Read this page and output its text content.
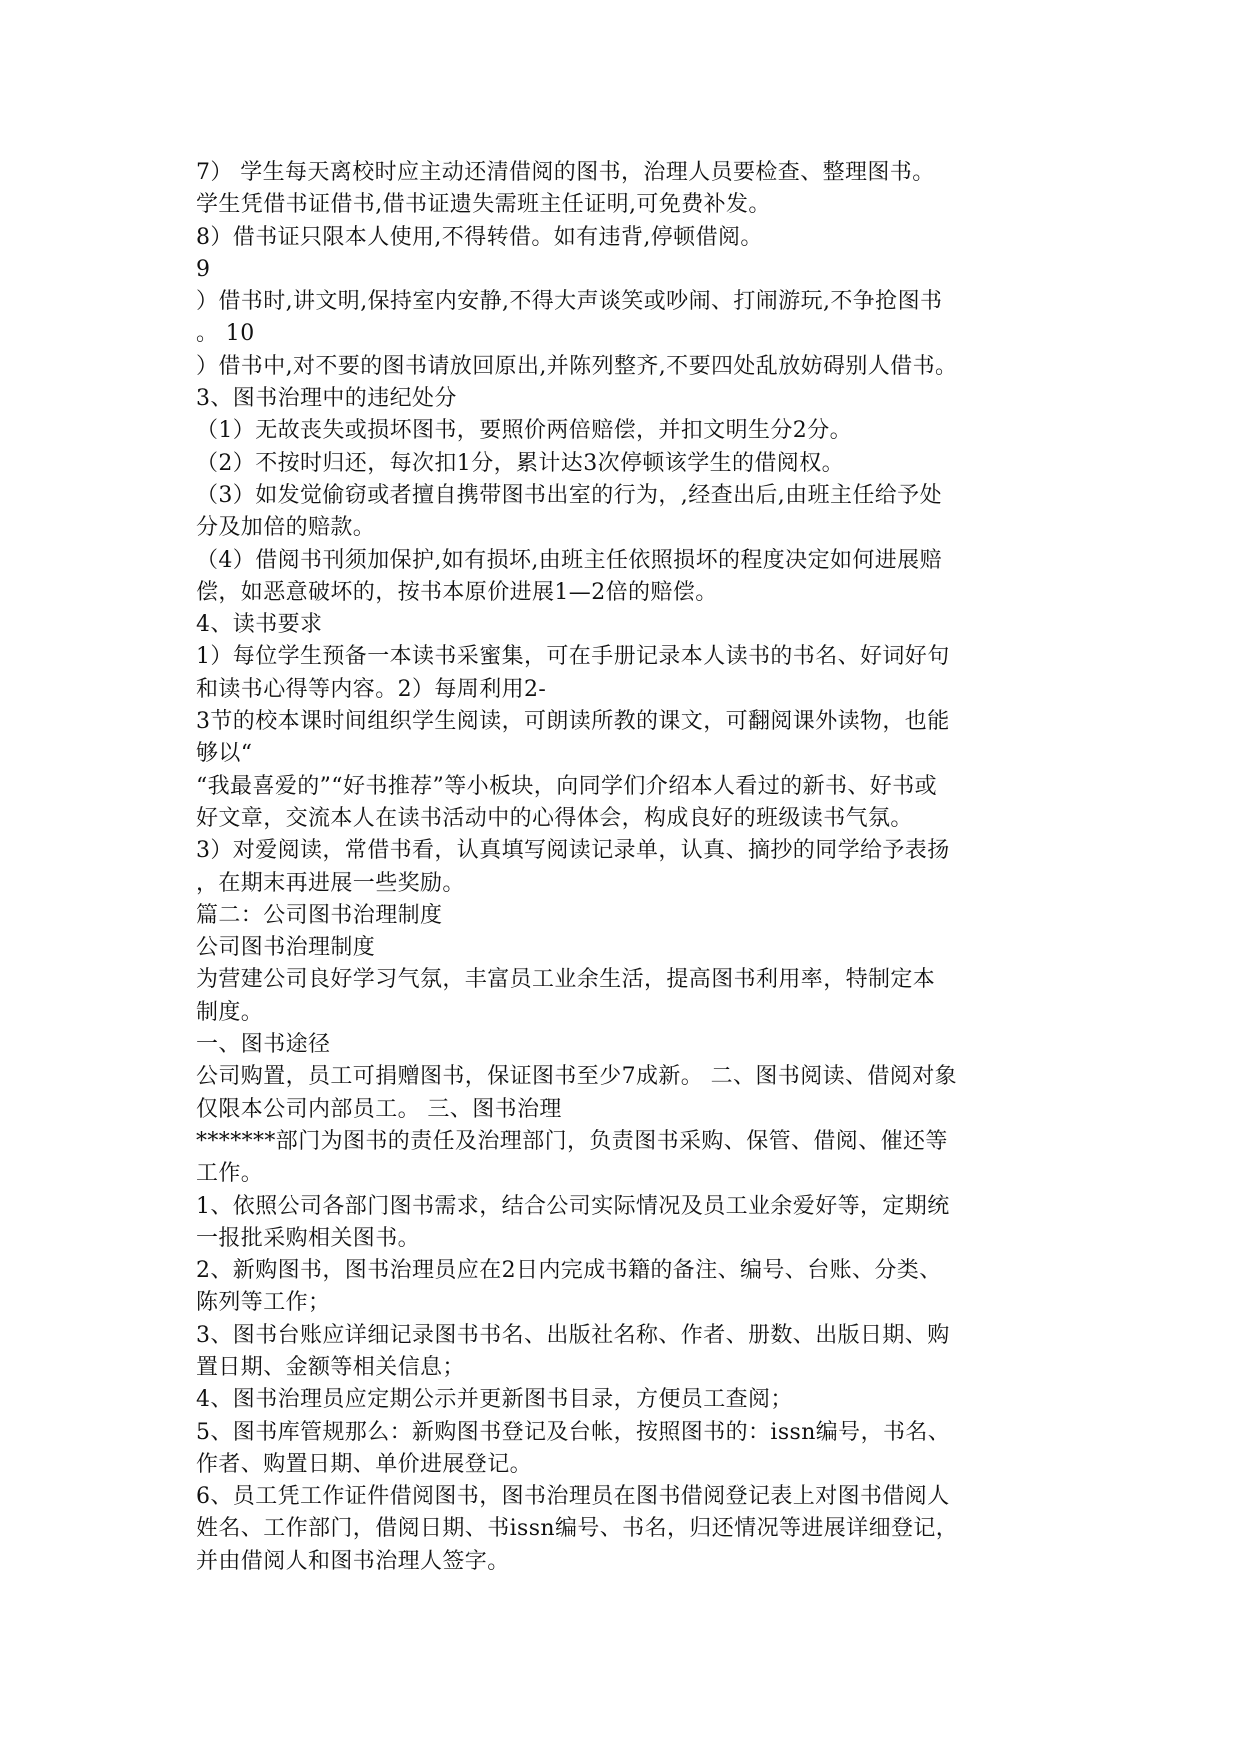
7） 学生每天离校时应主动还清借阅的图书，治理人员要检查、整理图书。
学生凭借书证借书,借书证遗失需班主任证明,可免费补发。
8）借书证只限本人使用,不得转借。如有违背,停顿借阅。
9
）借书时,讲文明,保持室内安静,不得大声谈笑或吵闹、打闹游玩,不争抢图书
。 10
）借书中,对不要的图书请放回原出,并陈列整齐,不要四处乱放妨碍别人借书。
3、图书治理中的违纪处分
（1）无故丧失或损坏图书，要照价两倍赔偿，并扣文明生分2分。
（2）不按时归还，每次扣1分，累计达3次停顿该学生的借阅权。
（3）如发觉偷窃或者擅自携带图书出室的行为，,经查出后,由班主任给予处
分及加倍的赔款。
（4）借阅书刊须加保护,如有损坏,由班主任依照损坏的程度决定如何进展赔
偿，如恶意破坏的，按书本原价进展1—2倍的赔偿。
4、读书要求
1）每位学生预备一本读书采蜜集，可在手册记录本人读书的书名、好词好句
和读书心得等内容。2）每周利用2-
3节的校本课时间组织学生阅读，可朗读所教的课文，可翻阅课外读物，也能
够以“
“我最喜爱的”“好书推荐”等小板块，向同学们介绍本人看过的新书、好书或
好文章，交流本人在读书活动中的心得体会，构成良好的班级读书气氛。
3）对爱阅读，常借书看，认真填写阅读记录单，认真、摘抄的同学给予表扬
，在期末再进展一些奖励。
篇二：公司图书治理制度
公司图书治理制度
为营建公司良好学习气氛，丰富员工业余生活，提高图书利用率，特制定本
制度。
一、图书途径
公司购置，员工可捐赠图书，保证图书至少7成新。 二、图书阅读、借阅对象
仅限本公司内部员工。 三、图书治理
*******部门为图书的责任及治理部门，负责图书采购、保管、借阅、催还等
工作。
1、依照公司各部门图书需求，结合公司实际情况及员工业余爱好等，定期统
一报批采购相关图书。
2、新购图书，图书治理员应在2日内完成书籍的备注、编号、台账、分类、
陈列等工作；
3、图书台账应详细记录图书书名、出版社名称、作者、册数、出版日期、购
置日期、金额等相关信息；
4、图书治理员应定期公示并更新图书目录，方便员工查阅；
5、图书库管规那么：新购图书登记及台帐，按照图书的：issn编号，书名、
作者、购置日期、单价进展登记。
6、员工凭工作证件借阅图书，图书治理员在图书借阅登记表上对图书借阅人
姓名、工作部门，借阅日期、书issn编号、书名，归还情况等进展详细登记，
并由借阅人和图书治理人签字。
